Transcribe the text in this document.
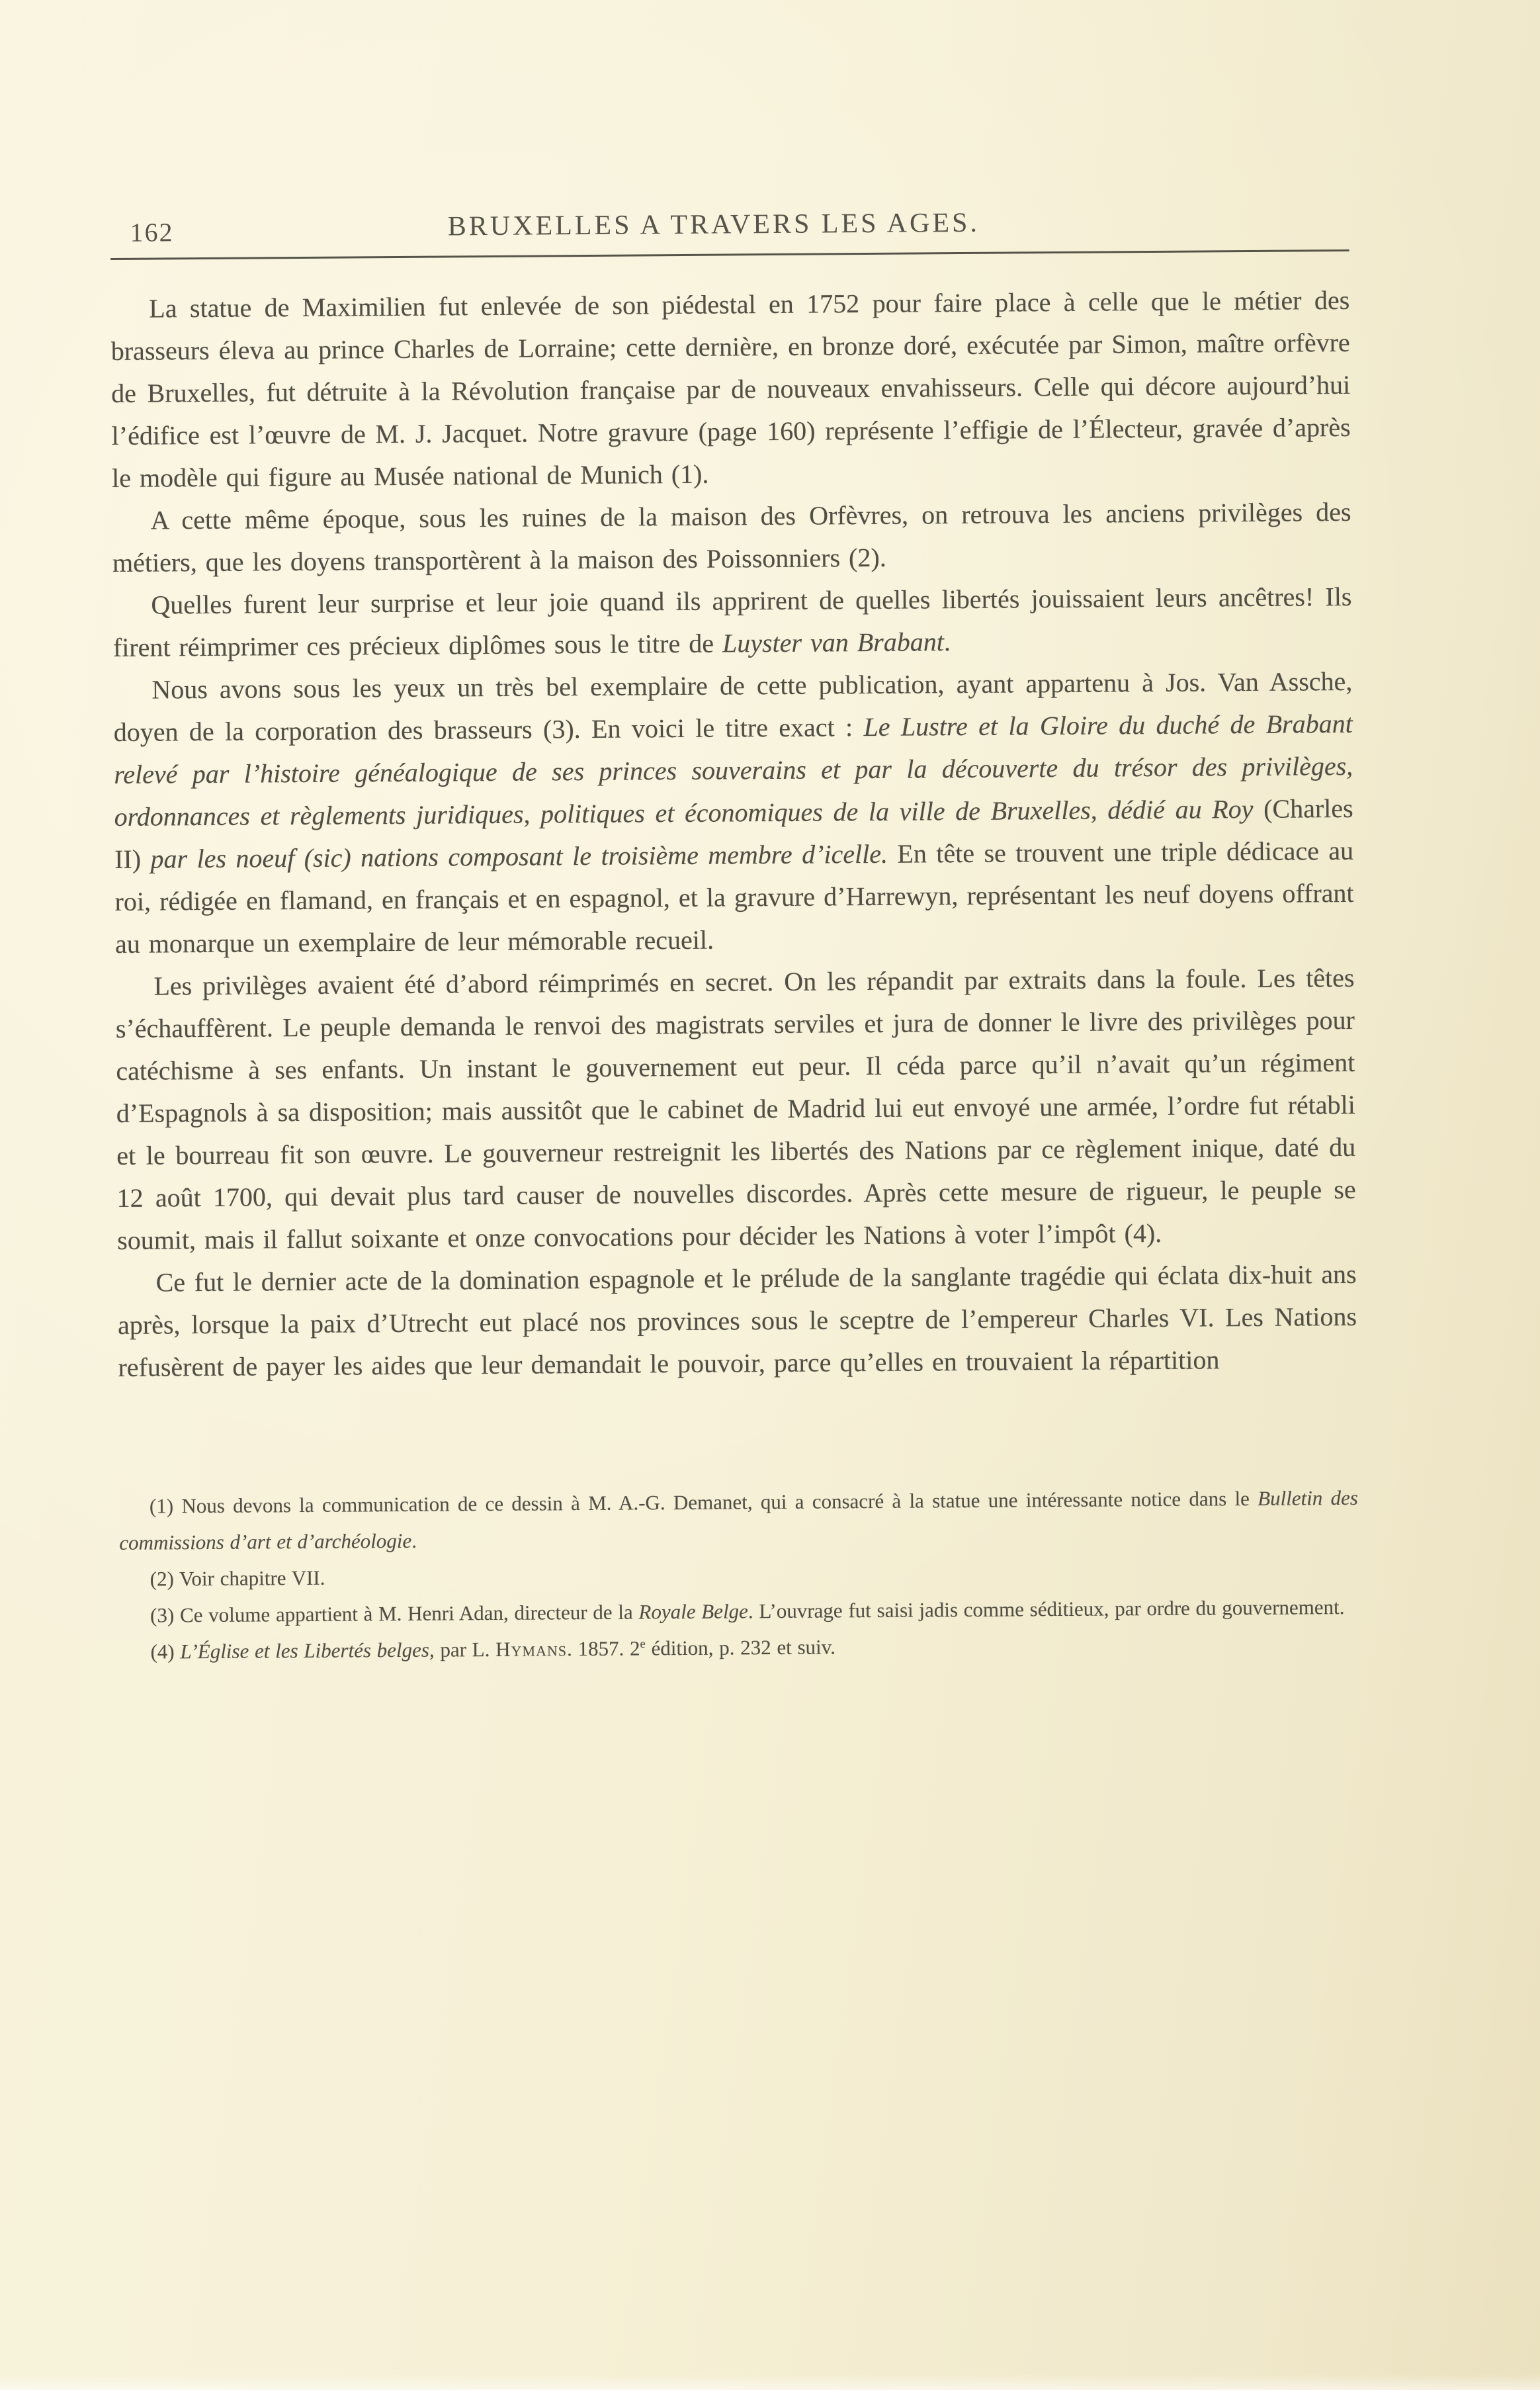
162	BRUXELLES A TRAVERS LES AGES.

La statue de Maximilien fut enlevée de son piédestal en 1752 pour faire place à celle que le métier des brasseurs éleva au prince Charles de Lorraine; cette dernière, en bronze doré, exécutée par Simon, maître orfèvre de Bruxelles, fut détruite à la Révolution française par de nouveaux envahisseurs. Celle qui décore aujourd’hui l’édifice est l’œuvre de M. J. Jacquet. Notre gravure (page 160) représente l’effigie de l’Électeur, gravée d’après le modèle qui figure au Musée national de Munich (1).

A cette même époque, sous les ruines de la maison des Orfèvres, on retrouva les anciens privilèges des métiers, que les doyens transportèrent à la maison des Poissonniers (2).

Quelles furent leur surprise et leur joie quand ils apprirent de quelles libertés jouissaient leurs ancêtres! Ils firent réimprimer ces précieux diplômes sous le titre de Luyster van Brabant.

Nous avons sous les yeux un très bel exemplaire de cette publication, ayant appartenu à Jos. Van Assche, doyen de la corporation des brasseurs (3). En voici le titre exact : Le Lustre et la Gloire du duché de Brabant relevé par l’histoire généalogique de ses princes souverains et par la découverte du trésor des privilèges, ordonnances et règlements juridiques, politiques et économiques de la ville de Bruxelles, dédié au Roy (Charles II) par les noeuf (sic) nations composant le troisième membre d’icelle. En tête se trouvent une triple dédicace au roi, rédigée en flamand, en français et en espagnol, et la gravure d’Harrewyn, représentant les neuf doyens offrant au monarque un exemplaire de leur mémorable recueil.

Les privilèges avaient été d’abord réimprimés en secret. On les répandit par extraits dans la foule. Les têtes s’échauffèrent. Le peuple demanda le renvoi des magistrats serviles et jura de donner le livre des privilèges pour catéchisme à ses enfants. Un instant le gouvernement eut peur. Il céda parce qu’il n’avait qu’un régiment d’Espagnols à sa disposition; mais aussitôt que le cabinet de Madrid lui eut envoyé une armée, l’ordre fut rétabli et le bourreau fit son œuvre. Le gouverneur restreignit les libertés des Nations par ce règlement inique, daté du 12 août 1700, qui devait plus tard causer de nouvelles discordes. Après cette mesure de rigueur, le peuple se soumit, mais il fallut soixante et onze convocations pour décider les Nations à voter l’impôt (4).

Ce fut le dernier acte de la domination espagnole et le prélude de la sanglante tragédie qui éclata dix-huit ans après, lorsque la paix d’Utrecht eut placé nos provinces sous le sceptre de l’empereur Charles VI. Les Nations refusèrent de payer les aides que leur demandait le pouvoir, parce qu’elles en trouvaient la répartition

(1) Nous devons la communication de ce dessin à M. A.-G. Demanet, qui a consacré à la statue une intéressante notice dans le Bulletin des commissions d’art et d’archéologie.

(2) Voir chapitre VII.

(3) Ce volume appartient à M. Henri Adan, directeur de la Royale Belge. L’ouvrage fut saisi jadis comme séditieux, par ordre du gouvernement.

(4) L’Église et les Libertés belges, par L. Hymans. 1857. 2e édition, p. 232 et suiv.
